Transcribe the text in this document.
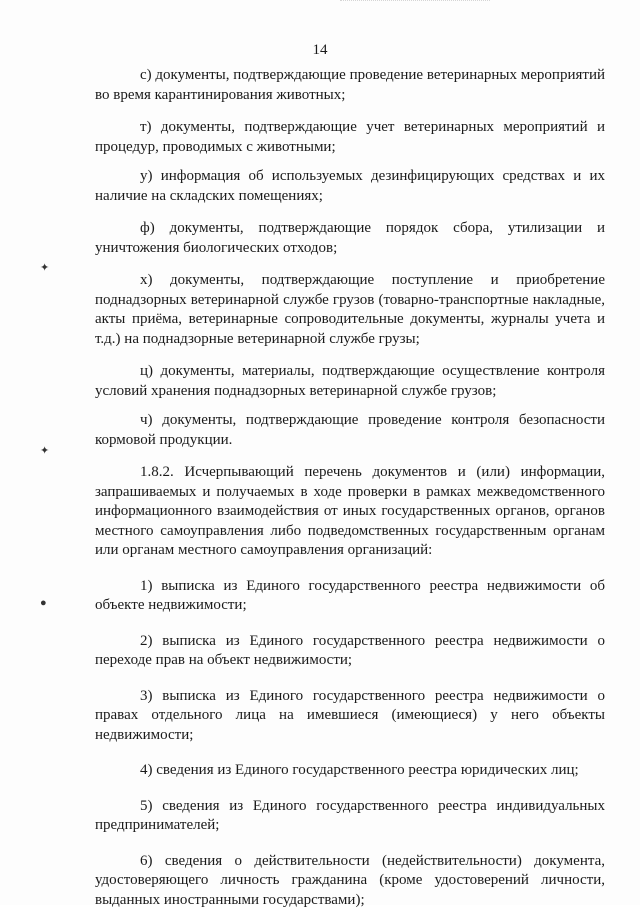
14
✦
✦
●

с) документы, подтверждающие проведение ветеринарных мероприятий во время карантинирования животных;

т) документы, подтверждающие учет ветеринарных мероприятий и процедур, проводимых с животными;

у) информация об используемых дезинфицирующих средствах и их наличие на складских помещениях;

ф) документы, подтверждающие порядок сбора, утилизации и уничтожения биологических отходов;

х) документы, подтверждающие поступление и приобретение поднадзорных ветеринарной службе грузов (товарно-транспортные накладные, акты приёма, ветеринарные сопроводительные документы, журналы учета и т.д.) на поднадзорные ветеринарной службе грузы;

ц) документы, материалы, подтверждающие осуществление контроля условий хранения поднадзорных ветеринарной службе грузов;

ч) документы, подтверждающие проведение контроля безопасности кормовой продукции.

1.8.2. Исчерпывающий перечень документов и (или) информации, запрашиваемых и получаемых в ходе проверки в рамках межведомственного информационного взаимодействия от иных государственных органов, органов местного самоуправления либо подведомственных государственным органам или органам местного самоуправления организаций:

1) выписка из Единого государственного реестра недвижимости об объекте недвижимости;

2) выписка из Единого государственного реестра недвижимости о переходе прав на объект недвижимости;

3) выписка из Единого государственного реестра недвижимости о правах отдельного лица на имевшиеся (имеющиеся) у него объекты недвижимости;

4) сведения из Единого государственного реестра юридических лиц;

5) сведения из Единого государственного реестра индивидуальных предпринимателей;

6) сведения о действительности (недействительности) документа, удостоверяющего личность гражданина (кроме удостоверений личности, выданных иностранными государствами);
